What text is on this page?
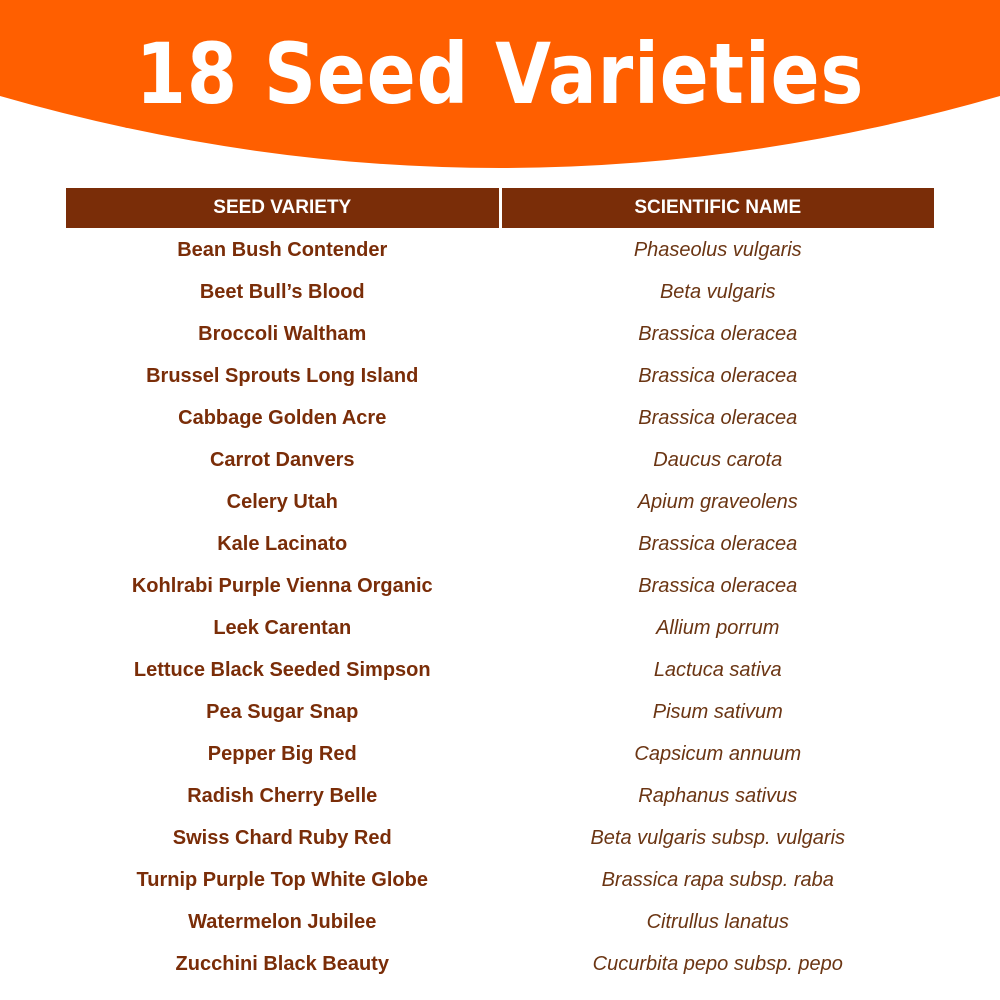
18 Seed Varieties
SEED VARIETY	SCIENTIFIC NAME
Bean Bush Contender	Phaseolus vulgaris
Beet Bull’s Blood	Beta vulgaris
Broccoli Waltham	Brassica oleracea
Brussel Sprouts Long Island	Brassica oleracea
Cabbage Golden Acre	Brassica oleracea
Carrot Danvers	Daucus carota
Celery Utah	Apium graveolens
Kale Lacinato	Brassica oleracea
Kohlrabi Purple Vienna Organic	Brassica oleracea
Leek Carentan	Allium porrum
Lettuce Black Seeded Simpson	Lactuca sativa
Pea Sugar Snap	Pisum sativum
Pepper Big Red	Capsicum annuum
Radish Cherry Belle	Raphanus sativus
Swiss Chard Ruby Red	Beta vulgaris subsp. vulgaris
Turnip Purple Top White Globe	Brassica rapa subsp. raba
Watermelon Jubilee	Citrullus lanatus
Zucchini Black Beauty	Cucurbita pepo subsp. pepo
